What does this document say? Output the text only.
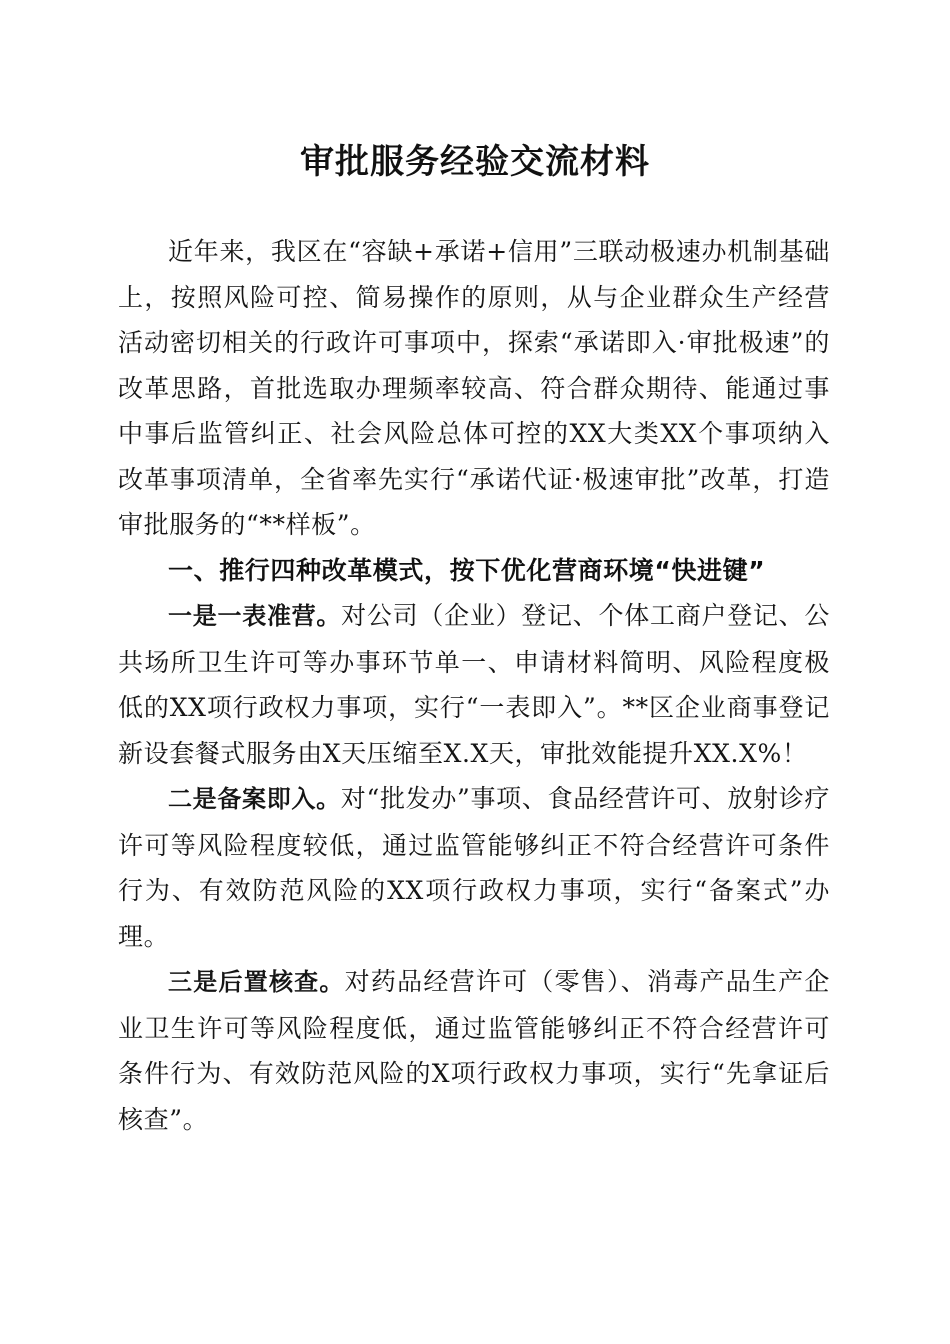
审批服务经验交流材料

近年来，我区在“容缺+承诺+信用”三联动极速办机制基础上，按照风险可控、简易操作的原则，从与企业群众生产经营活动密切相关的行政许可事项中，探索“承诺即入·审批极速”的改革思路，首批选取办理频率较高、符合群众期待、能通过事中事后监管纠正、社会风险总体可控的XX大类XX个事项纳入改革事项清单，全省率先实行“承诺代证·极速审批”改革，打造审批服务的“**样板”。

一、推行四种改革模式，按下优化营商环境“快进键”

一是一表准营。对公司（企业）登记、个体工商户登记、公共场所卫生许可等办事环节单一、申请材料简明、风险程度极低的XX项行政权力事项，实行“一表即入”。**区企业商事登记新设套餐式服务由X天压缩至X.X天，审批效能提升XX.X%！

二是备案即入。对“批发办”事项、食品经营许可、放射诊疗许可等风险程度较低，通过监管能够纠正不符合经营许可条件行为、有效防范风险的XX项行政权力事项，实行“备案式”办理。

三是后置核查。对药品经营许可（零售）、消毒产品生产企业卫生许可等风险程度低，通过监管能够纠正不符合经营许可条件行为、有效防范风险的X项行政权力事项，实行“先拿证后核查”。
